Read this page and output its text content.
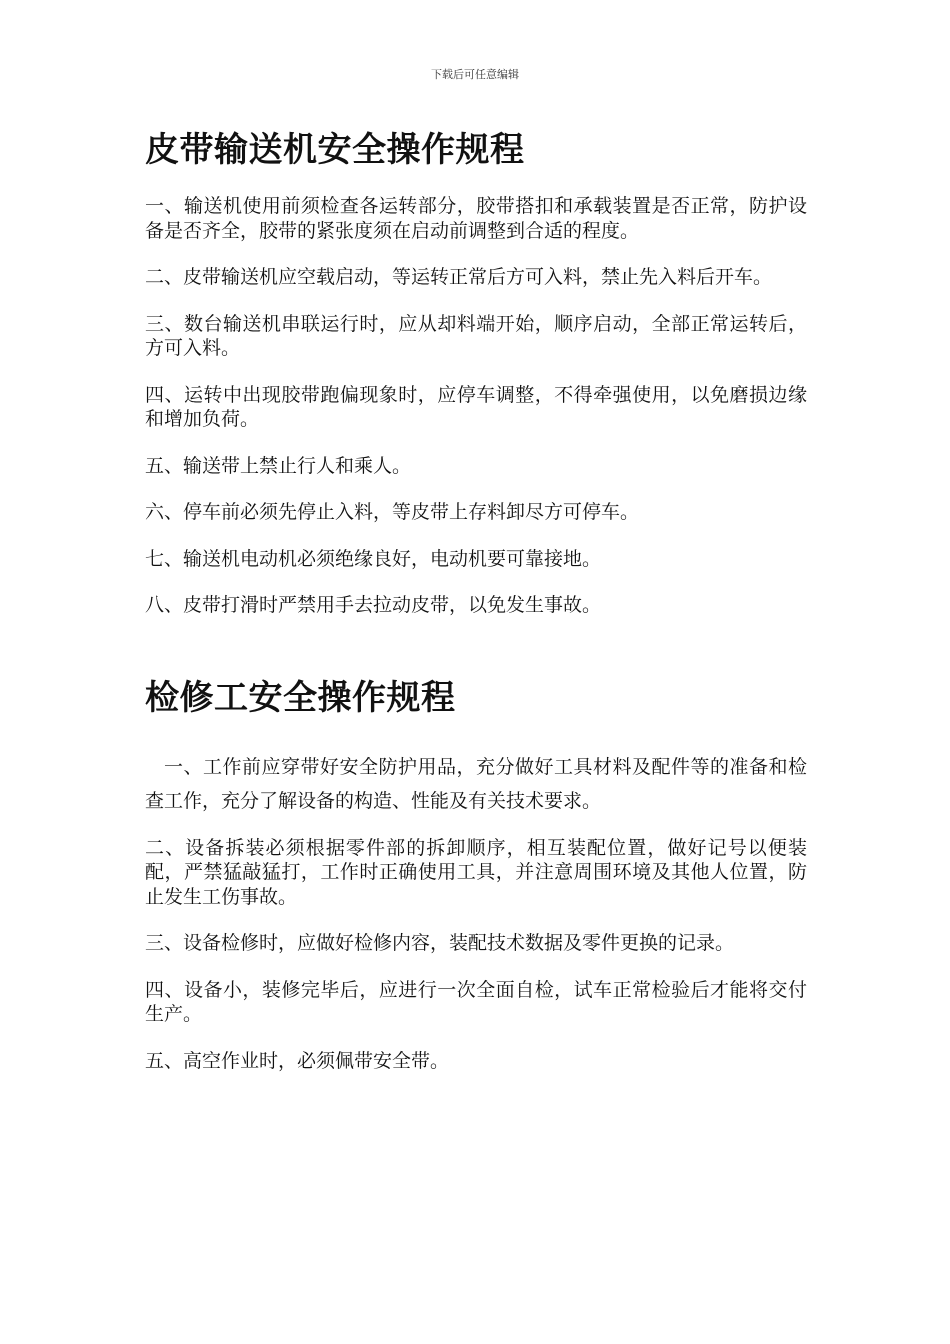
下载后可任意编辑
皮带输送机安全操作规程

一、输送机使用前须检查各运转部分，胶带搭扣和承载装置是否正常，防护设备是否齐全，胶带的紧张度须在启动前调整到合适的程度。

二、皮带输送机应空载启动，等运转正常后方可入料，禁止先入料后开车。

三、数台输送机串联运行时，应从却料端开始，顺序启动，全部正常运转后，方可入料。

四、运转中出现胶带跑偏现象时，应停车调整，不得牵强使用，以免磨损边缘和增加负荷。

五、输送带上禁止行人和乘人。

六、停车前必须先停止入料，等皮带上存料卸尽方可停车。

七、输送机电动机必须绝缘良好，电动机要可靠接地。

八、皮带打滑时严禁用手去拉动皮带，以免发生事故。

检修工安全操作规程

一、工作前应穿带好安全防护用品，充分做好工具材料及配件等的准备和检查工作，充分了解设备的构造、性能及有关技术要求。

二、设备拆装必须根据零件部的拆卸顺序，相互装配位置，做好记号以便装配，严禁猛敲猛打，工作时正确使用工具，并注意周围环境及其他人位置，防止发生工伤事故。

三、设备检修时，应做好检修内容，装配技术数据及零件更换的记录。

四、设备小，装修完毕后，应进行一次全面自检，试车正常检验后才能将交付生产。

五、高空作业时，必须佩带安全带。
